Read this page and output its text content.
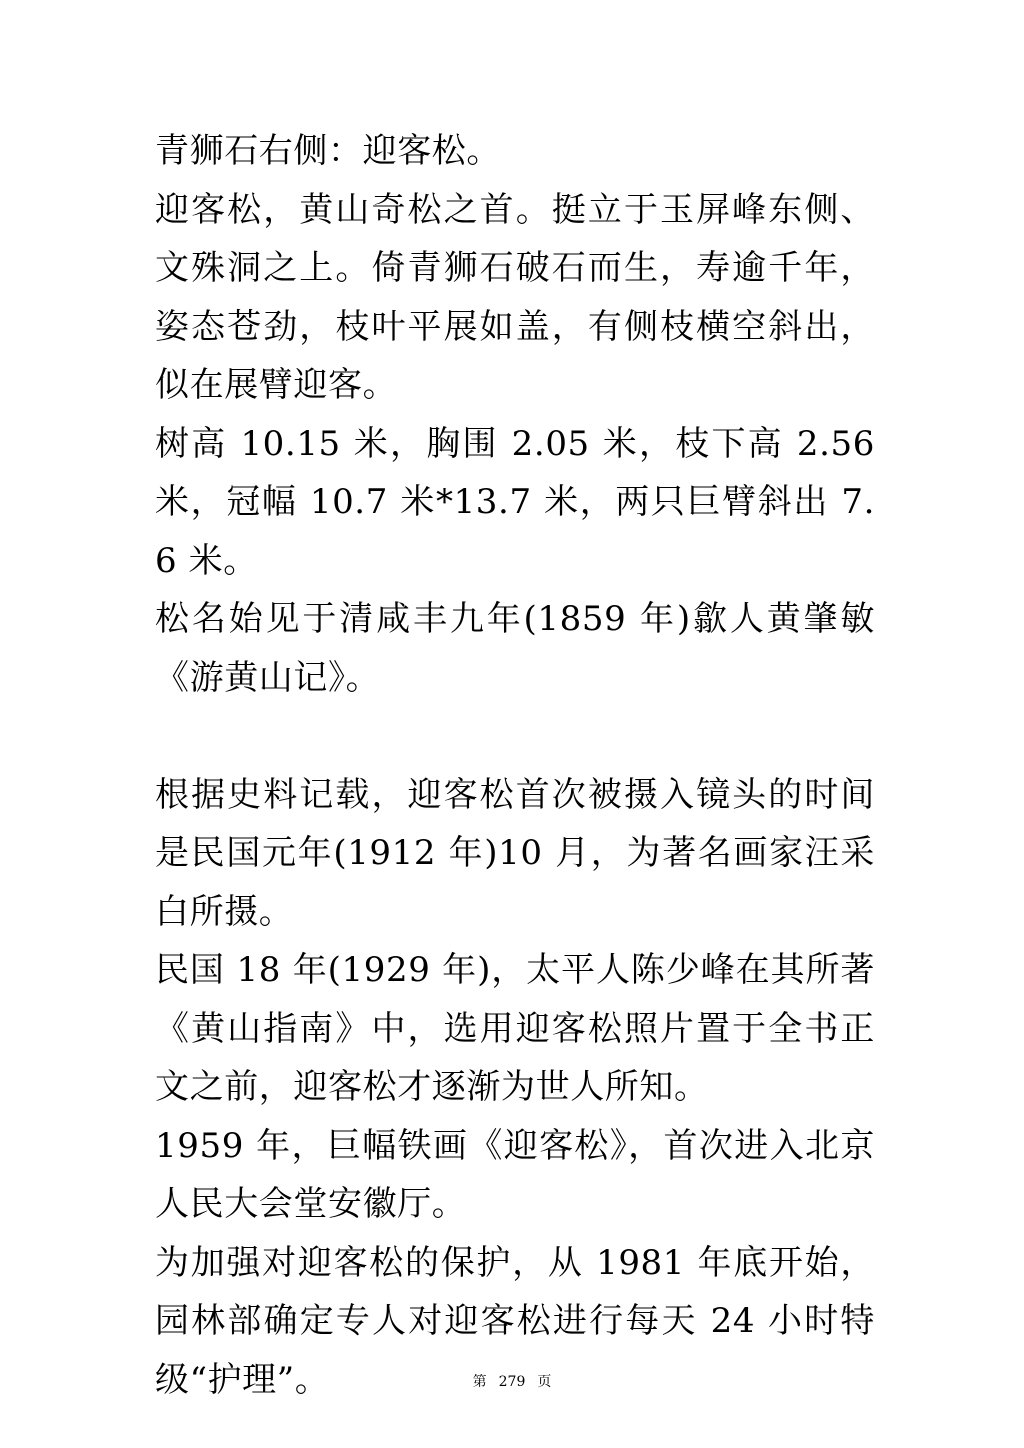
青狮石右侧：迎客松。

迎客松，黄山奇松之首。挺立于玉屏峰东侧、文殊洞之上。倚青狮石破石而生，寿逾千年，姿态苍劲，枝叶平展如盖，有侧枝横空斜出，似在展臂迎客。

树高 10.15 米，胸围 2.05 米，枝下高 2.56 米，冠幅 10.7 米*13.7 米，两只巨臂斜出 7.6 米。

松名始见于清咸丰九年(1859 年)歙人黄肇敏《游黄山记》。

根据史料记载，迎客松首次被摄入镜头的时间是民国元年(1912 年)10 月，为著名画家汪采白所摄。

民国 18 年(1929 年)，太平人陈少峰在其所著《黄山指南》中，选用迎客松照片置于全书正文之前，迎客松才逐渐为世人所知。

1959 年，巨幅铁画《迎客松》，首次进入北京人民大会堂安徽厅。

为加强对迎客松的保护，从 1981 年底开始，园林部确定专人对迎客松进行每天 24 小时特级“护理”。	第 279 页
